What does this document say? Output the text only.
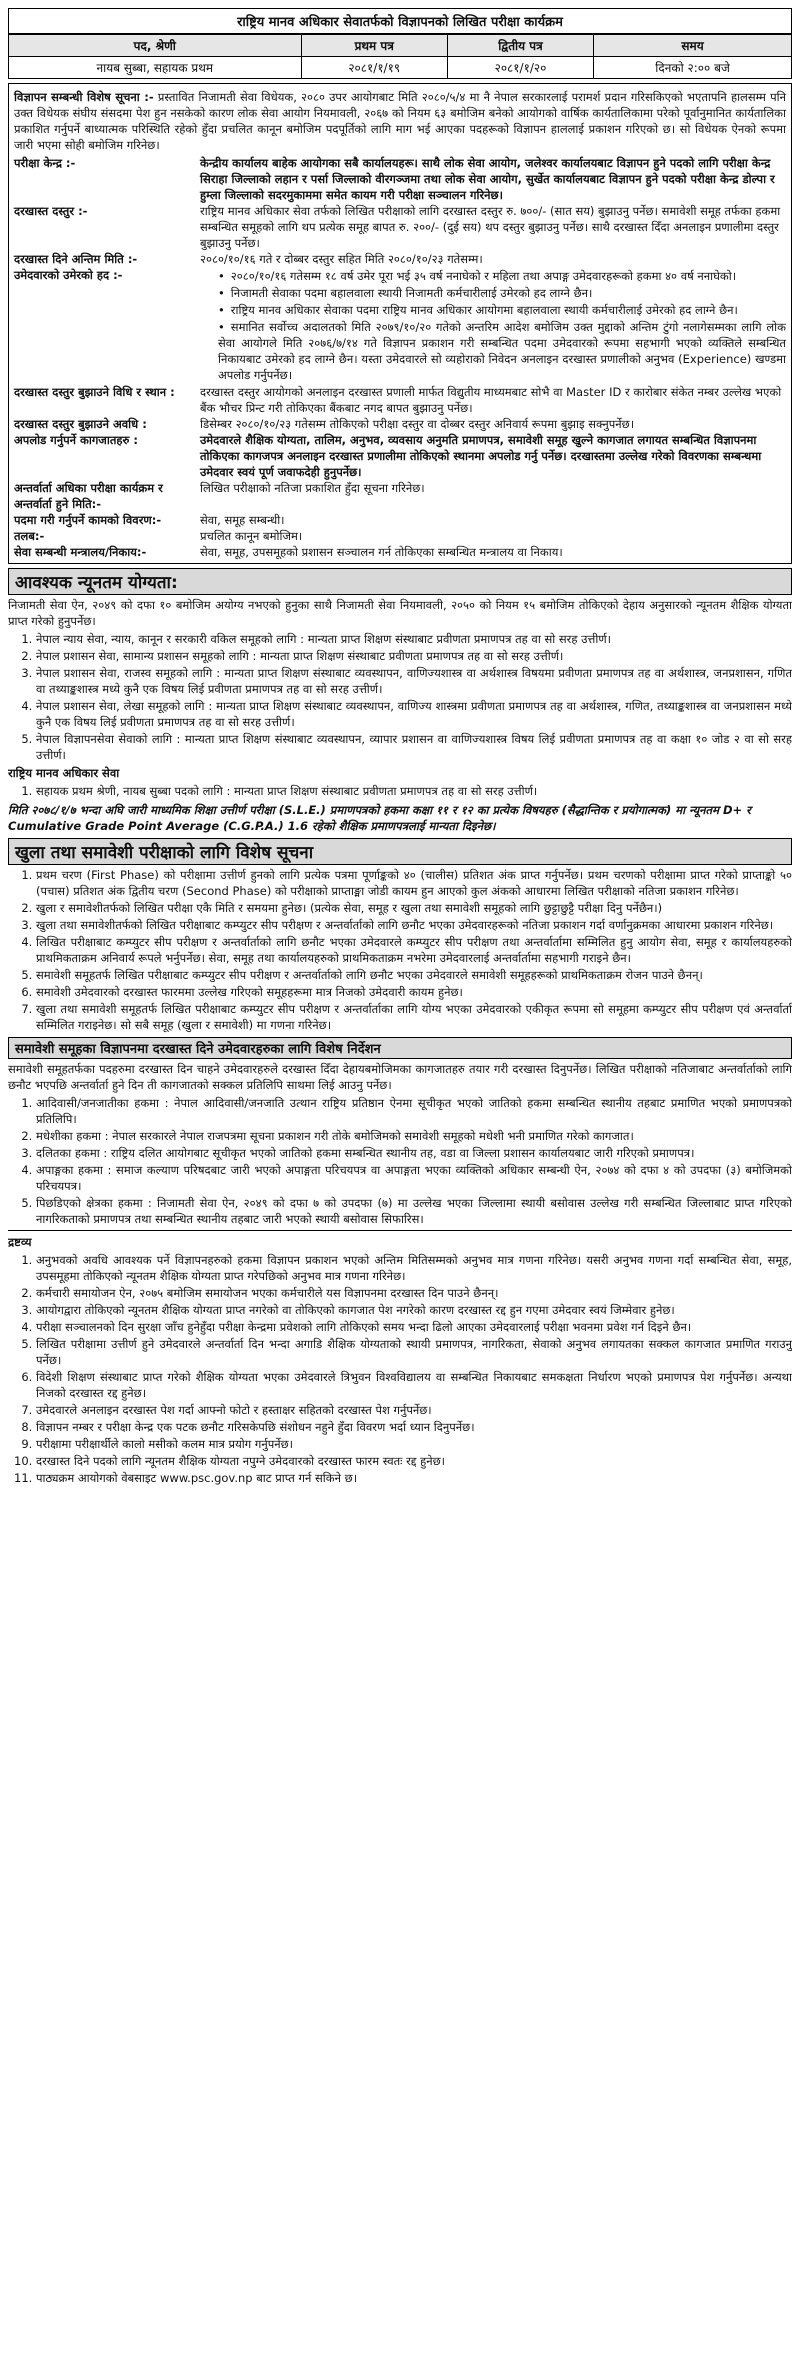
राष्ट्रिय मानव अधिकार सेवातर्फको विज्ञापनको लिखित परीक्षा कार्यक्रम
पद, श्रेणी	प्रथम पत्र	द्वितीय पत्र	समय
नायब सुब्बा, सहायक प्रथम	२०८१/१/१९	२०८१/१/२०	दिनको २:०० बजे
विज्ञापन सम्बन्धी विशेष सूचना :- प्रस्तावित निजामती सेवा विधेयक, २०८० उपर आयोगबाट मिति २०८०/५/४ मा नै नेपाल सरकारलाई परामर्श प्रदान गरिसकिएको भएतापनि हालसम्म पनि उक्त विधेयक संघीय संसदमा पेश हुन नसकेको कारण लोक सेवा आयोग नियमावली, २०६७ को नियम ६३ बमोजिम बनेको आयोगको वार्षिक कार्यतालिकामा परेको पूर्वानुमानित कार्यतालिका प्रकाशित गर्नुपर्ने बाध्यात्मक परिस्थिति रहेको हुँदा प्रचलित कानून बमोजिम पदपूर्तिको लागि माग भई आएका पदहरूको विज्ञापन हाललाई प्रकाशन गरिएको छ। सो विधेयक ऐनको रूपमा जारी भएमा सोही बमोजिम गरिनेछ।
परीक्षा केन्द्र :-	केन्द्रीय कार्यालय बाहेक आयोगका सबै कार्यालयहरू। साथै लोक सेवा आयोग, जलेश्वर कार्यालयबाट विज्ञापन हुने पदको लागि परीक्षा केन्द्र सिराहा जिल्लाको लहान र पर्सा जिल्लाको वीरगञ्जमा तथा लोक सेवा आयोग, सुर्खेत कार्यालयबाट विज्ञापन हुने पदको परीक्षा केन्द्र डोल्पा र हुम्ला जिल्लाको सदरमुकाममा समेत कायम गरी परीक्षा सञ्चालन गरिनेछ।
दरखास्त दस्तुर :-	राष्ट्रिय मानव अधिकार सेवा तर्फको लिखित परीक्षाको लागि दरखास्त दस्तुर रु. ७००/- (सात सय) बुझाउनु पर्नेछ। समावेशी समूह तर्फका हकमा सम्बन्धित समूहको लागि थप प्रत्येक समूह बापत रु. २००/- (दुई सय) थप दस्तुर बुझाउनु पर्नेछ। साथै दरखास्त दिँदा अनलाइन प्रणालीमा दस्तुर बुझाउनु पर्नेछ।
दरखास्त दिने अन्तिम मिति :-	२०८०/१०/१६ गते र दोब्बर दस्तुर सहित मिति २०८०/१०/२३ गतेसम्म।
उमेदवारको उमेरको हद :-	• २०८०/१०/१६ गतेसम्म १८ वर्ष उमेर पूरा भई ३५ वर्ष ननाघेको र महिला तथा अपाङ्ग उमेदवारहरूको हकमा ४० वर्ष ननाघेको।
• निजामती सेवाका पदमा बहालवाला स्थायी निजामती कर्मचारीलाई उमेरको हद लाग्ने छैन।
• राष्ट्रिय मानव अधिकार सेवाका पदमा राष्ट्रिय मानव अधिकार आयोगमा बहालवाला स्थायी कर्मचारीलाई उमेरको हद लाग्ने छैन।
• समानित सर्वोच्च अदालतको मिति २०७९/१०/२० गतेको अन्तरिम आदेश बमोजिम उक्त मुद्दाको अन्तिम टुंगो नलागेसम्मका लागि लोक सेवा आयोगले मिति २०७६/७/१४ गते विज्ञापन प्रकाशन गरी सम्बन्धित पदमा उमेदवारको रूपमा सहभागी भएको व्यक्तिले सम्बन्धित निकायबाट उमेरको हद लाग्ने छैन। यस्ता उमेदवारले सो व्यहोराको निवेदन अनलाइन दरखास्त प्रणालीको अनुभव (Experience) खण्डमा अपलोड गर्नुपर्नेछ।
दरखास्त दस्तुर बुझाउने विधि र स्थान :	दरखास्त दस्तुर आयोगको अनलाइन दरखास्त प्रणाली मार्फत विद्युतीय माध्यमबाट सोभै वा Master ID र कारोबार संकेत नम्बर उल्लेख भएको बैंक भौचर प्रिन्ट गरी तोकिएका बैंकबाट नगद बापत बुझाउनु पर्नेछ।
दरखास्त दस्तुर बुझाउने अवधि :	डिसेम्बर २०८०/१०/२३ गतेसम्म तोकिएको परीक्षा दस्तुर वा दोब्बर दस्तुर अनिवार्य रूपमा बुझाइ सक्नुपर्नेछ।
अपलोड गर्नुपर्ने कागजातहरु :	उमेदवारले शैक्षिक योग्यता, तालिम, अनुभव, व्यवसाय अनुमति प्रमाणपत्र, समावेशी समूह खुल्ने कागजात लगायत सम्बन्धित विज्ञापनमा तोकिएका कागजपत्र अनलाइन दरखास्त प्रणालीमा तोकिएको स्थानमा अपलोड गर्नु पर्नेछ। दरखास्तमा उल्लेख गरेको विवरणका सम्बन्धमा उमेदवार स्वयं पूर्ण जवाफदेही हुनुपर्नेछ।
अन्तर्वार्ता अधिका परीक्षा कार्यक्रम र अन्तर्वार्ता हुने मिति:-
लिखित परीक्षाको नतिजा प्रकाशित हुँदा सूचना गरिनेछ।
पदमा गरी गर्नुपर्ने कामको विवरण:-	सेवा, समूह सम्बन्धी।
तलब:-	प्रचलित कानून बमोजिम।
सेवा सम्बन्धी मन्त्रालय/निकाय:-	सेवा, समूह, उपसमूहको प्रशासन सञ्चालन गर्न तोकिएका सम्बन्धित मन्त्रालय वा निकाय।
आवश्यक न्यूनतम योग्यता:
निजामती सेवा ऐन, २०४९ को दफा १० बमोजिम अयोग्य नभएको हुनुका साथै निजामती सेवा नियमावली, २०५० को नियम १५ बमोजिम तोकिएको देहाय अनुसारको न्यूनतम शैक्षिक योग्यता प्राप्त गरेको हुनुपर्नेछ।
1. नेपाल न्याय सेवा, न्याय, कानून र सरकारी वकिल समूहको लागि : मान्यता प्राप्त शिक्षण संस्थाबाट प्रवीणता प्रमाणपत्र तह वा सो सरह उत्तीर्ण।
2. नेपाल प्रशासन सेवा, सामान्य प्रशासन समूहको लागि : मान्यता प्राप्त शिक्षण संस्थाबाट प्रवीणता प्रमाणपत्र तह वा सो सरह उत्तीर्ण।
3. नेपाल प्रशासन सेवा, राजस्व समूहको लागि : मान्यता प्राप्त शिक्षण संस्थाबाट व्यवस्थापन, वाणिज्यशास्त्र वा अर्थशास्त्र विषयमा प्रवीणता प्रमाणपत्र तह वा अर्थशास्त्र, जनप्रशासन, गणित वा तथ्याङ्कशास्त्र मध्ये कुनै एक विषय लिई प्रवीणता प्रमाणपत्र तह वा सो सरह उत्तीर्ण।
4. नेपाल प्रशासन सेवा, लेखा समूहको लागि : मान्यता प्राप्त शिक्षण संस्थाबाट व्यवस्थापन, वाणिज्य शास्त्रमा प्रवीणता प्रमाणपत्र तह वा अर्थशास्त्र, गणित, तथ्याङ्कशास्त्र वा जनप्रशासन मध्ये कुनै एक विषय लिई प्रवीणता प्रमाणपत्र तह वा सो सरह उत्तीर्ण।
5. नेपाल विज्ञापनसेवा सेवाको लागि : मान्यता प्राप्त शिक्षण संस्थाबाट व्यवस्थापन, व्यापार प्रशासन वा वाणिज्यशास्त्र विषय लिई प्रवीणता प्रमाणपत्र तह वा कक्षा १० जोड २ वा सो सरह उत्तीर्ण।
राष्ट्रिय मानव अधिकार सेवा
1. सहायक प्रथम श्रेणी, नायब सुब्बा पदको लागि : मान्यता प्राप्त शिक्षण संस्थाबाट प्रवीणता प्रमाणपत्र तह वा सो सरह उत्तीर्ण।
मिति २०७८/१/७ भन्दा अघि जारी माध्यमिक शिक्षा उत्तीर्ण परीक्षा (S.L.E.) प्रमाणपत्रको हकमा कक्षा ११ र १२ का प्रत्येक विषयहरु (सैद्धान्तिक र प्रयोगात्मक) मा न्यूनतम D+ र Cumulative Grade Point Average (C.G.P.A.) 1.6 रहेको शैक्षिक प्रमाणपत्रलाई मान्यता दिइनेछ।
खुला तथा समावेशी परीक्षाको लागि विशेष सूचना
1. प्रथम चरण (First Phase) को परीक्षामा उत्तीर्ण हुनको लागि प्रत्येक पत्रमा पूर्णाङ्कको ४० (चालीस) प्रतिशत अंक प्राप्त गर्नुपर्नेछ। प्रथम चरणको परीक्षामा प्राप्त गरेको प्राप्ताङ्को ५० (पचास) प्रतिशत अंक द्वितीय चरण (Second Phase) को परीक्षाको प्राप्ताङ्मा जोडी कायम हुन आएको कुल अंकको आधारमा लिखित परीक्षाको नतिजा प्रकाशन गरिनेछ।
2. खुला र समावेशीतर्फको लिखित परीक्षा एकै मिति र समयमा हुनेछ। (प्रत्येक सेवा, समूह र खुला तथा समावेशी समूहको लागि छुट्टाछुट्टै परीक्षा दिनु पर्नेछैन।)
3. खुला तथा समावेशीतर्फको लिखित परीक्षाबाट कम्प्युटर सीप परीक्षण र अन्तर्वार्ताको लागि छनौट भएका उमेदवारहरूको नतिजा प्रकाशन गर्दा वर्णानुक्रमका आधारमा प्रकाशन गरिनेछ।
4. लिखित परीक्षाबाट कम्प्युटर सीप परीक्षण र अन्तर्वार्ताको लागि छनौट भएका उमेदवारले कम्प्युटर सीप परीक्षण तथा अन्तर्वार्तामा सम्मिलित हुनु आयोग सेवा, समूह र कार्यालयहरुको प्राथमिकताक्रम अनिवार्य रूपले भर्नुपर्नेछ। सेवा, समूह तथा कार्यालयहरुको प्राथमिकताक्रम नभरेमा उमेदवारलाई अन्तर्वार्तामा सहभागी गराइने छैन।
5. समावेशी समूहतर्फ लिखित परीक्षाबाट कम्प्युटर सीप परीक्षण र अन्तर्वार्ताको लागि छनौट भएका उमेदवारले समावेशी समूहहरूको प्राथमिकताक्रम रोजन पाउने छैनन्।
6. समावेशी उमेदवारको दरखास्त फारममा उल्लेख गरिएको समूहहरूमा मात्र निजको उमेदवारी कायम हुनेछ।
7. खुला तथा समावेशी समूहतर्फ लिखित परीक्षाबाट कम्प्युटर सीप परीक्षण र अन्तर्वार्ताका लागि योग्य भएका उमेदवारको एकीकृत रूपमा सो समूहमा कम्प्युटर सीप परीक्षण एवं अन्तर्वार्ता सम्मिलित गराइनेछ। सो सबै समूह (खुला र समावेशी) मा गणना गरिनेछ।
समावेशी समूहका विज्ञापनमा दरखास्त दिने उमेदवारहरुका लागि विशेष निर्देशन
समावेशी समूहतर्फका पदहरुमा दरखास्त दिन चाहने उमेदवारहरुले दरखास्त दिँदा देहायबमोजिमका कागजातहरु तयार गरी दरखास्त दिनुपर्नेछ। लिखित परीक्षाको नतिजाबाट अन्तर्वार्ताको लागि छनौट भएपछि अन्तर्वार्ता हुने दिन ती कागजातको सक्कल प्रतिलिपि साथमा लिई आउनु पर्नेछ।
1. आदिवासी/जनजातीका हकमा : नेपाल आदिवासी/जनजाति उत्थान राष्ट्रिय प्रतिष्ठान ऐनमा सूचीकृत भएको जातिको हकमा सम्बन्धित स्थानीय तहबाट प्रमाणित भएको प्रमाणपत्रको प्रतिलिपि।
2. मधेशीका हकमा : नेपाल सरकारले नेपाल राजपत्रमा सूचना प्रकाशन गरी तोके बमोजिमको समावेशी समूहको मधेशी भनी प्रमाणित गरेको कागजात।
3. दलितका हकमा : राष्ट्रिय दलित आयोगबाट सूचीकृत भएको जातिको हकमा सम्बन्धित स्थानीय तह, वडा वा जिल्ला प्रशासन कार्यालयबाट जारी गरिएको प्रमाणपत्र।
4. अपाङ्गका हकमा : समाज कल्याण परिषदबाट जारी भएको अपाङ्गता परिचयपत्र वा अपाङ्गता भएका व्यक्तिको अधिकार सम्बन्धी ऐन, २०७४ को दफा ४ को उपदफा (३) बमोजिमको परिचयपत्र।
5. पिछडिएको क्षेत्रका हकमा : निजामती सेवा ऐन, २०४९ को दफा ७ को उपदफा (७) मा उल्लेख भएका जिल्लामा स्थायी बसोवास उल्लेख गरी सम्बन्धित जिल्लाबाट प्राप्त गरिएको नागरिकताको प्रमाणपत्र तथा सम्बन्धित स्थानीय तहबाट जारी भएको स्थायी बसोवास सिफारिस।
द्रष्टव्य
1. अनुभवको अवधि आवश्यक पर्ने विज्ञापनहरुको हकमा विज्ञापन प्रकाशन भएको अन्तिम मितिसम्मको अनुभव मात्र गणना गरिनेछ। यसरी अनुभव गणना गर्दा सम्बन्धित सेवा, समूह, उपसमूहमा तोकिएको न्यूनतम शैक्षिक योग्यता प्राप्त गरेपछिको अनुभव मात्र गणना गरिनेछ।
2. कर्मचारी समायोजन ऐन, २०७५ बमोजिम समायोजन भएका कर्मचारीले यस विज्ञापनमा दरखास्त दिन पाउने छैनन्।
3. आयोगद्वारा तोकिएको न्यूनतम शैक्षिक योग्यता प्राप्त नगरेको वा तोकिएको कागजात पेश नगरेको कारण दरखास्त रद्द हुन गएमा उमेदवार स्वयं जिम्मेवार हुनेछ।
4. परीक्षा सञ्चालनको दिन सुरक्षा जाँच हुनेहुँदा परीक्षा केन्द्रमा प्रवेशको लागि तोकिएको समय भन्दा ढिलो आएका उमेदवारलाई परीक्षा भवनमा प्रवेश गर्न दिइने छैन।
5. लिखित परीक्षामा उत्तीर्ण हुने उमेदवारले अन्तर्वार्ता दिन भन्दा अगाडि शैक्षिक योग्यताको स्थायी प्रमाणपत्र, नागरिकता, सेवाको अनुभव लगायतका सक्कल कागजात प्रमाणित गराउनु पर्नेछ।
6. विदेशी शिक्षण संस्थाबाट प्राप्त गरेको शैक्षिक योग्यता भएका उमेदवारले त्रिभुवन विश्वविद्यालय वा सम्बन्धित निकायबाट समकक्षता निर्धारण भएको प्रमाणपत्र पेश गर्नुपर्नेछ। अन्यथा निजको दरखास्त रद्द हुनेछ।
7. उमेदवारले अनलाइन दरखास्त पेश गर्दा आफ्नो फोटो र हस्ताक्षर सहितको दरखास्त पेश गर्नुपर्नेछ।
8. विज्ञापन नम्बर र परीक्षा केन्द्र एक पटक छनौट गरिसकेपछि संशोधन नहुने हुँदा विवरण भर्दा ध्यान दिनुपर्नेछ।
9. परीक्षामा परीक्षार्थीले कालो मसीको कलम मात्र प्रयोग गर्नुपर्नेछ।
10. दरखास्त दिने पदको लागि न्यूनतम शैक्षिक योग्यता नपुग्ने उमेदवारको दरखास्त फारम स्वतः रद्द हुनेछ।
11. पाठ्यक्रम आयोगको वेबसाइट www.psc.gov.np बाट प्राप्त गर्न सकिने छ।
